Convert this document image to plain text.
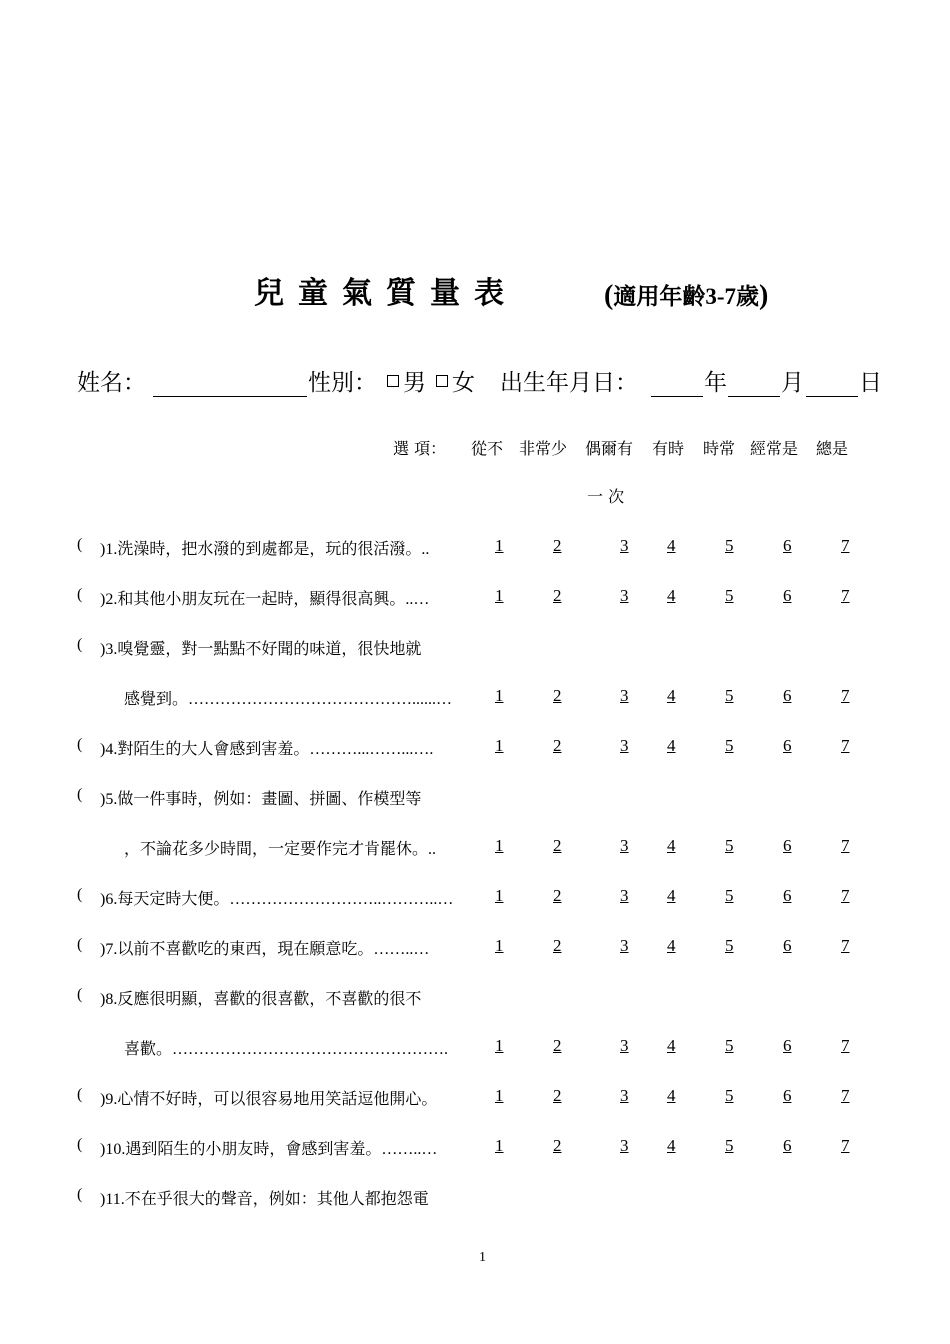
兒童氣質量表	(適用年齡3-7歲)
姓名：	性別：	男	女 出生年月日：	年 月 日
選 項： 從不 非常少 偶爾有 有時 時常 經常是 總是
一 次
( )1.洗澡時，把水潑的到處都是，玩的很活潑。..	1	2	3 4	5	6	7
( )2.和其他小朋友玩在一起時，顯得很高興。..…	1	2	3 4	5	6	7
( )3.嗅覺靈，對一點點不好聞的味道，很快地就
感覺到。……………………………………......…	1	2	3 4	5	6	7
( )4.對陌生的大人會感到害羞。………...……...….	1	2	3 4	5	6	7
( )5.做一件事時，例如：畫圖、拼圖、作模型等
，不論花多少時間，一定要作完才肯罷休。..	1	2	3 4	5	6	7
( )6.每天定時大便。………………………..………..… 1	2	3 4	5	6	7
( )7.以前不喜歡吃的東西，現在願意吃。……..…	1	2	3 4	5	6	7
( )8.反應很明顯，喜歡的很喜歡，不喜歡的很不
喜歡。…………………………………………….	1	2	3 4	5	6	7
( )9.心情不好時，可以很容易地用笑話逗他開心。	1	2	3 4	5	6	7
( )10.遇到陌生的小朋友時，會感到害羞。……..…	1	2	3 4	5	6	7
( )11.不在乎很大的聲音，例如：其他人都抱怨電
1
